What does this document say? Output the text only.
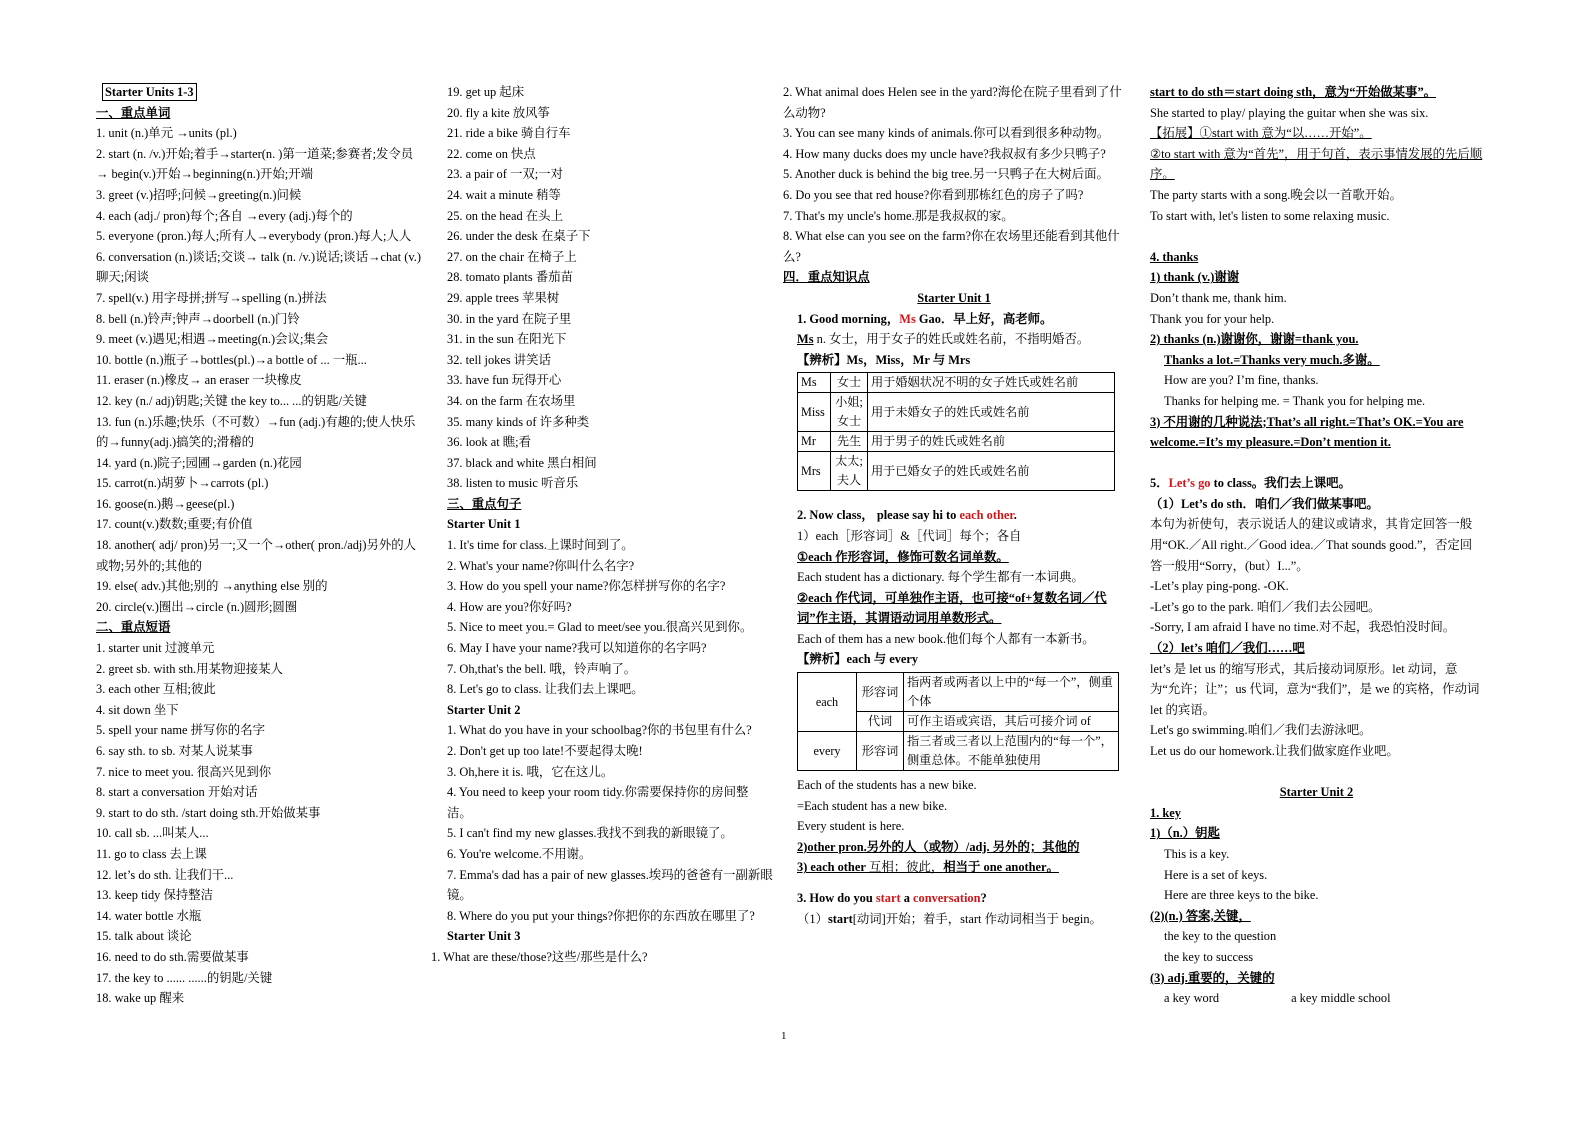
Starter Units 1-3
一、重点单词
1. unit (n.)单元 →units (pl.)
2. start (n. /v.)开始;着手→starter(n. )第一道菜;参赛者;发令员→ begin(v.)开始→beginning(n.)开始;开端
3. greet (v.)招呼;问候→greeting(n.)问候
4. each (adj./ pron)每个;各自 →every (adj.)每个的
5. everyone (pron.)每人;所有人→everybody (pron.)每人;人人
6. conversation (n.)谈话;交谈→ talk (n. /v.)说话;谈话→chat (v.)聊天;闲谈
7. spell(v.) 用字母拼;拼写→spelling (n.)拼法
8. bell (n.)铃声;钟声→doorbell (n.)门铃
9. meet (v.)遇见;相遇→meeting(n.)会议;集会
10. bottle (n.)瓶子→bottles(pl.)→a bottle of ... 一瓶...
11. eraser (n.)橡皮→ an eraser 一块橡皮
12. key (n./ adj)钥匙;关键 the key to... ...的钥匙/关键
13. fun (n.)乐趣;快乐（不可数）→fun (adj.)有趣的;使人快乐的→funny(adj.)搞笑的;滑稽的
14. yard (n.)院子;园圃→garden (n.)花园
15. carrot(n.)胡萝卜→carrots (pl.)
16. goose(n.)鹅→geese(pl.)
17. count(v.)数数;重要;有价值
18. another( adj/ pron)另一;又一个→other( pron./adj)另外的人或物;另外的;其他的
19. else( adv.)其他;别的 →anything else 别的
20. circle(v.)圈出→circle (n.)圆形;圆圈
二、重点短语
1. starter unit 过渡单元
2. greet sb. with sth.用某物迎接某人
3. each other 互相;彼此
4. sit down 坐下
5. spell your name 拼写你的名字
6. say sth. to sb. 对某人说某事
7. nice to meet you. 很高兴见到你
8. start a conversation 开始对话
9. start to do sth. /start doing sth.开始做某事
10. call sb. ...叫某人...
11. go to class 去上课
12. let’s do sth. 让我们干...
13. keep tidy 保持整洁
14. water bottle 水瓶
15. talk about 谈论
16. need to do sth.需要做某事
17. the key to ...... ......的钥匙/关键
18. wake up 醒来
19. get up 起床
20. fly a kite 放风筝
21. ride a bike 骑自行车
22. come on 快点
23. a pair of 一双;一对
24. wait a minute 稍等
25. on the head 在头上
26. under the desk 在桌子下
27. on the chair 在椅子上
28. tomato plants 番茄苗
29. apple trees 苹果树
30. in the yard 在院子里
31. in the sun 在阳光下
32. tell jokes 讲笑话
33. have fun 玩得开心
34. on the farm 在农场里
35. many kinds of 许多种类
36. look at 瞧;看
37. black and white 黑白相间
38. listen to music 听音乐
三、重点句子
Starter Unit 1
1. It's time for class.上课时间到了。
2. What's your name?你叫什么名字?
3. How do you spell your name?你怎样拼写你的名字?
4. How are you?你好吗?
5. Nice to meet you.= Glad to meet/see you.很高兴见到你。
6. May I have your name?我可以知道你的名字吗?
7. Oh,that's the bell. 哦，铃声响了。
8. Let's go to class. 让我们去上课吧。
Starter Unit 2
1. What do you have in your schoolbag?你的书包里有什么?
2. Don't get up too late!不要起得太晚!
3. Oh,here it is. 哦，它在这儿。
4. You need to keep your room tidy.你需要保持你的房间整洁。
5. I can't find my new glasses.我找不到我的新眼镜了。
6. You're welcome.不用谢。
7. Emma's dad has a pair of new glasses.埃玛的爸爸有一副新眼镜。
8. Where do you put your things?你把你的东西放在哪里了?
Starter Unit 3
1. What are these/those?这些/那些是什么?
2. What animal does Helen see in the yard?海伦在院子里看到了什么动物?
3. You can see many kinds of animals.你可以看到很多种动物。
4. How many ducks does my uncle have?我叔叔有多少只鸭子?
5. Another duck is behind the big tree.另一只鸭子在大树后面。
6. Do you see that red house?你看到那栋红色的房子了吗?
7. That's my uncle's home.那是我叔叔的家。
8. What else can you see on the farm?你在农场里还能看到其他什么?
四．重点知识点
Starter Unit 1
1. Good morning，Ms Gao．早上好，高老师。
Ms n. 女士，用于女子的姓氏或姓名前，不指明婚否。
【辨析】Ms，Miss，Mr 与 Mrs
Ms	女士	用于婚姻状况不明的女子姓氏或姓名前
Miss	小姐; 女士	用于未婚女子的姓氏或姓名前
Mr	先生	用于男子的姓氏或姓名前
Mrs	太太; 夫人	用于已婚女子的姓氏或姓名前
2. Now class， please say hi to each other.
1）each［形容词］&［代词］每个；各自
①each 作形容词，修饰可数名词单数。
Each student has a dictionary. 每个学生都有一本词典。
②each 作代词，可单独作主语，也可接“of+复数名词／代词”作主语，其谓语动词用单数形式。
Each of them has a new book.他们每个人都有一本新书。
【辨析】each 与 every
each	形容词	指两者或两者以上中的“每一个”，侧重个体
	代词	可作主语或宾语，其后可接介词 of
every	形容词	指三者或三者以上范围内的“每一个”，侧重总体。不能单独使用
Each of the students has a new bike.
=Each student has a new bike.
Every student is here.
2)other pron.另外的人（或物）/adj. 另外的；其他的
3) each other 互相；彼此，相当于 one another。
3. How do you start a conversation?
（1）start[动词]开始；着手，start 作动词相当于 begin。
start to do sth＝start doing sth，意为“开始做某事”。
She started to play/ playing the guitar when she was six.
【拓展】①start with 意为“以……开始”。
②to start with 意为“首先”，用于句首，表示事情发展的先后顺序。
The party starts with a song.晚会以一首歌开始。
To start with, let's listen to some relaxing music.
4. thanks
1) thank (v.)谢谢
Don’t thank me, thank him.
Thank you for your help.
2) thanks (n.)谢谢你，谢谢=thank you.
Thanks a lot.=Thanks very much.多谢。
How are you? I’m fine, thanks.
Thanks for helping me. = Thank you for helping me.
3) 不用谢的几种说法;That’s all right.=That’s OK.=You are welcome.=It’s my pleasure.=Don’t mention it.
5．Let’s go to class。我们去上课吧。
（1）Let’s do sth．咱们／我们做某事吧。
本句为祈使句，表示说话人的建议或请求，其肯定回答一般用“OK.／All right.／Good idea.／That sounds good.”，否定回答一般用“Sorry，(but）I...”。
-Let’s play ping-pong. -OK.
-Let’s go to the park. 咱们／我们去公园吧。
-Sorry, I am afraid I have no time.对不起，我恐怕没时间。
（2）let’s 咱们／我们……吧
let’s 是 let us 的缩写形式，其后接动词原形。let 动词，意为“允许；让”；us 代词，意为“我们”，是 we 的宾格，作动词 let 的宾语。
Let's go swimming.咱们／我们去游泳吧。
Let us do our homework.让我们做家庭作业吧。
Starter Unit 2
1. key
1)（n.）钥匙
This is a key.
Here is a set of keys.
Here are three keys to the bike.
(2)(n.) 答案,关键，
the key to the question
the key to success
(3) adj.重要的，关键的
a key word	a key middle school
1
